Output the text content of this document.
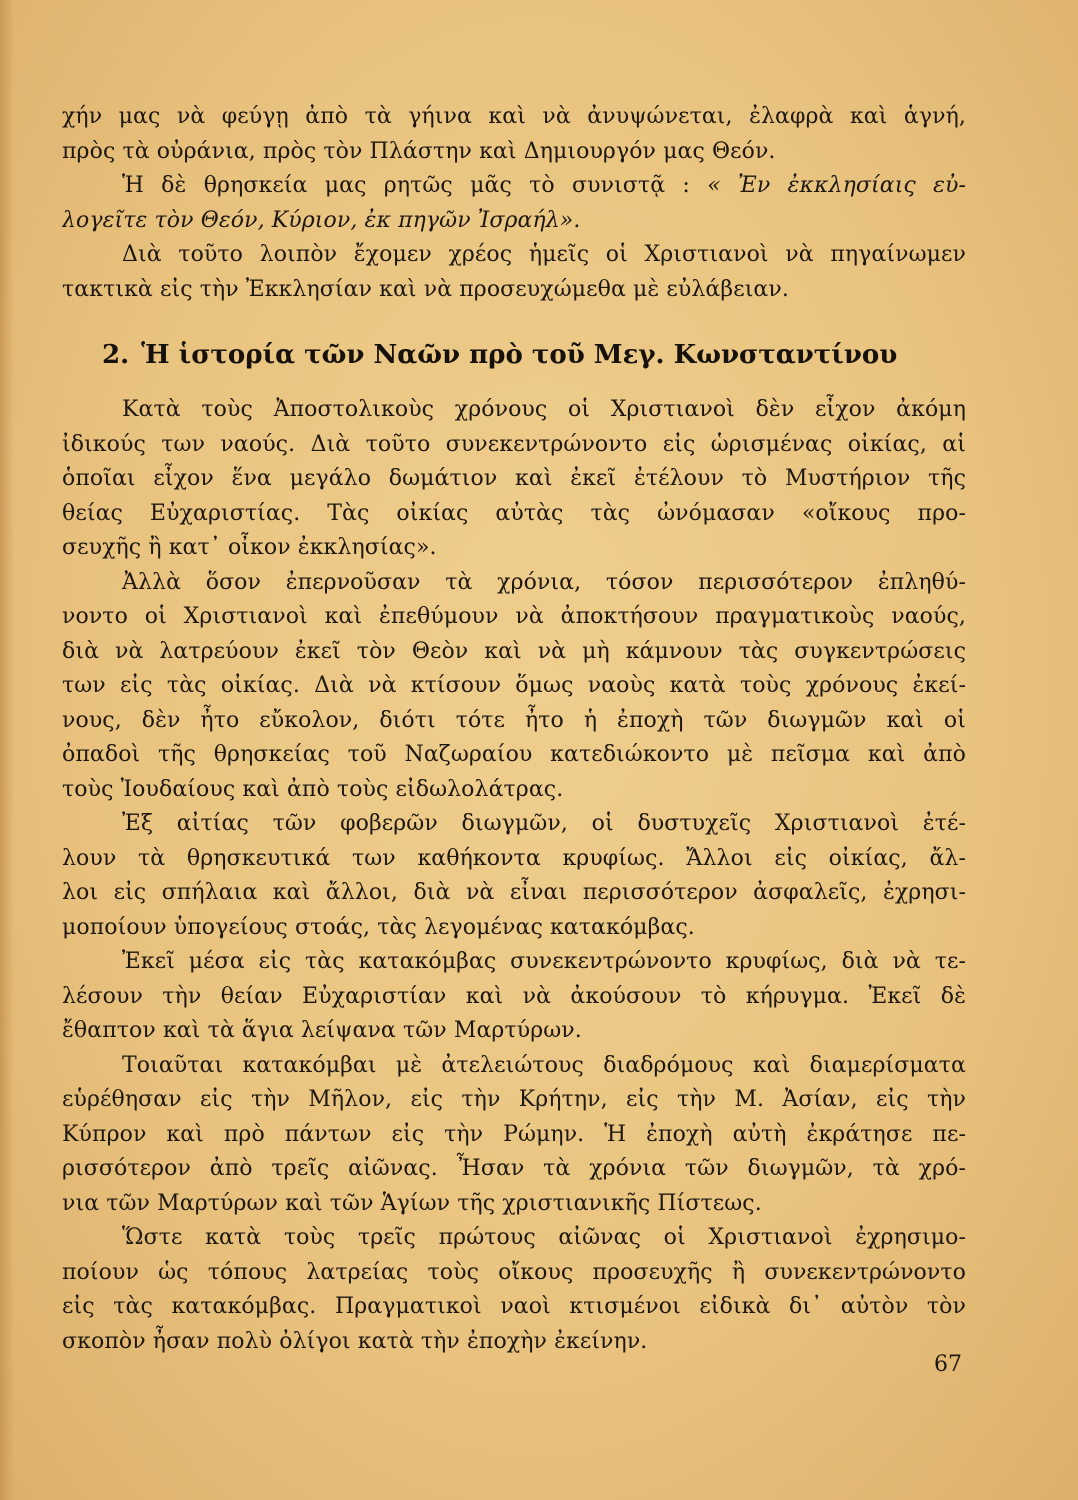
χήν μας νὰ φεύγῃ ἀπὸ τὰ γήινα καὶ νὰ ἀνυψώνεται, ἐλαφρὰ καὶ ἁγνή,
πρὸς τὰ οὐράνια, πρὸς τὸν Πλάστην καὶ Δημιουργόν μας Θεόν.
Ἡ δὲ θρησκεία μας ρητῶς μᾶς τὸ συνιστᾷ : « Ἐν ἐκκλησίαις εὐ-
λογεῖτε τὸν Θεόν, Κύριον, ἐκ πηγῶν Ἰσραήλ».
Διὰ τοῦτο λοιπὸν ἔχομεν χρέος ἡμεῖς οἱ Χριστιανοὶ νὰ πηγαίνωμεν
τακτικὰ εἰς τὴν Ἐκκλησίαν καὶ νὰ προσευχώμεθα μὲ εὐλάβειαν.
2. Ἡ ἱστορία τῶν Ναῶν πρὸ τοῦ Μεγ. Κωνσταντίνου
Κατὰ τοὺς Ἀποστολικοὺς χρόνους οἱ Χριστιανοὶ δὲν εἶχον ἀκόμη
ἰδικούς των ναούς. Διὰ τοῦτο συνεκεντρώνοντο εἰς ὡρισμένας οἰκίας, αἱ
ὁποῖαι εἶχον ἕνα μεγάλο δωμάτιον καὶ ἐκεῖ ἐτέλουν τὸ Μυστήριον τῆς
θείας Εὐχαριστίας. Τὰς οἰκίας αὐτὰς τὰς ὠνόμασαν «οἴκους προ-
σευχῆς ἢ κατ᾿ οἶκον ἐκκλησίας».
Ἀλλὰ ὅσον ἐπερνοῦσαν τὰ χρόνια, τόσον περισσότερον ἐπληθύ-
νοντο οἱ Χριστιανοὶ καὶ ἐπεθύμουν νὰ ἀποκτήσουν πραγματικοὺς ναούς,
διὰ νὰ λατρεύουν ἐκεῖ τὸν Θεὸν καὶ νὰ μὴ κάμνουν τὰς συγκεντρώσεις
των εἰς τὰς οἰκίας. Διὰ νὰ κτίσουν ὅμως ναοὺς κατὰ τοὺς χρόνους ἐκεί-
νους, δὲν ἦτο εὔκολον, διότι τότε ἦτο ἡ ἐποχὴ τῶν διωγμῶν καὶ οἱ
ὀπαδοὶ τῆς θρησκείας τοῦ Ναζωραίου κατεδιώκοντο μὲ πεῖσμα καὶ ἀπὸ
τοὺς Ἰουδαίους καὶ ἀπὸ τοὺς εἰδωλολάτρας.
Ἐξ αἰτίας τῶν φοβερῶν διωγμῶν, οἱ δυστυχεῖς Χριστιανοὶ ἐτέ-
λουν τὰ θρησκευτικά των καθήκοντα κρυφίως. Ἄλλοι εἰς οἰκίας, ἄλ-
λοι εἰς σπήλαια καὶ ἄλλοι, διὰ νὰ εἶναι περισσότερον ἀσφαλεῖς, ἐχρησι-
μοποίουν ὑπογείους στοάς, τὰς λεγομένας κατακόμβας.
Ἐκεῖ μέσα εἰς τὰς κατακόμβας συνεκεντρώνοντο κρυφίως, διὰ νὰ τε-
λέσουν τὴν θείαν Εὐχαριστίαν καὶ νὰ ἀκούσουν τὸ κήρυγμα. Ἐκεῖ δὲ
ἔθαπτον καὶ τὰ ἅγια λείψανα τῶν Μαρτύρων.
Τοιαῦται κατακόμβαι μὲ ἀτελειώτους διαδρόμους καὶ διαμερίσματα
εὑρέθησαν εἰς τὴν Μῆλον, εἰς τὴν Κρήτην, εἰς τὴν Μ. Ἀσίαν, εἰς τὴν
Κύπρον καὶ πρὸ πάντων εἰς τὴν Ρώμην. Ἡ ἐποχὴ αὐτὴ ἐκράτησε πε-
ρισσότερον ἀπὸ τρεῖς αἰῶνας. Ἦσαν τὰ χρόνια τῶν διωγμῶν, τὰ χρό-
νια τῶν Μαρτύρων καὶ τῶν Ἁγίων τῆς χριστιανικῆς Πίστεως.
Ὥστε κατὰ τοὺς τρεῖς πρώτους αἰῶνας οἱ Χριστιανοὶ ἐχρησιμο-
ποίουν ὡς τόπους λατρείας τοὺς οἴκους προσευχῆς ἢ συνεκεντρώνοντο
εἰς τὰς κατακόμβας. Πραγματικοὶ ναοὶ κτισμένοι εἰδικὰ δι᾿ αὐτὸν τὸν
σκοπὸν ἦσαν πολὺ ὀλίγοι κατὰ τὴν ἐποχὴν ἐκείνην.
67
